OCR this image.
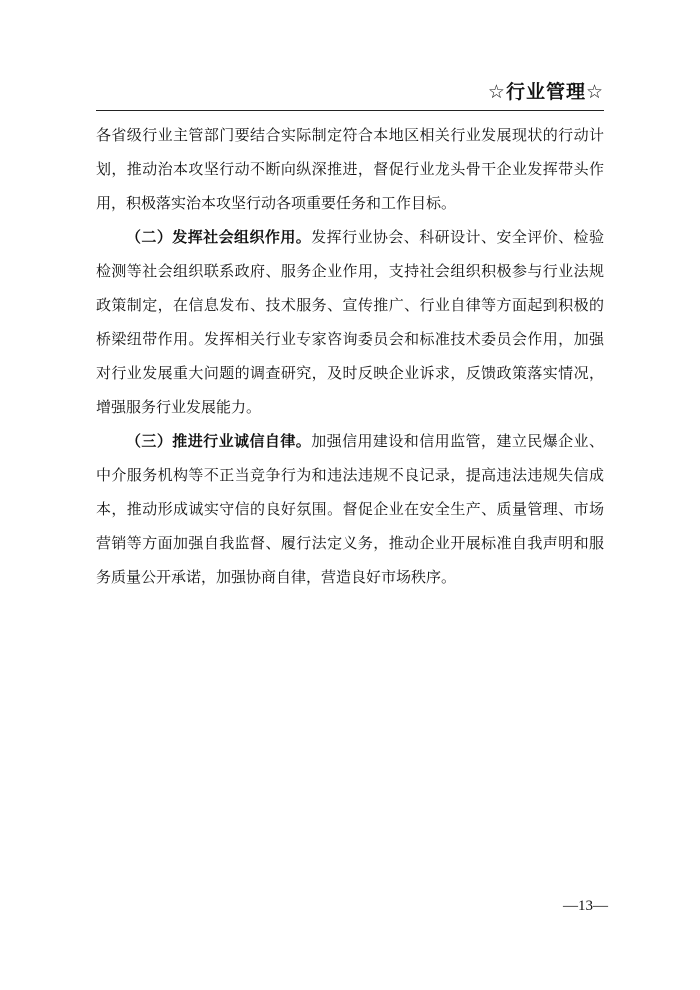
☆行业管理☆

各省级行业主管部门要结合实际制定符合本地区相关行业发展现状的行动计划，推动治本攻坚行动不断向纵深推进，督促行业龙头骨干企业发挥带头作用，积极落实治本攻坚行动各项重要任务和工作目标。

（二）发挥社会组织作用。发挥行业协会、科研设计、安全评价、检验检测等社会组织联系政府、服务企业作用，支持社会组织积极参与行业法规政策制定，在信息发布、技术服务、宣传推广、行业自律等方面起到积极的桥梁纽带作用。发挥相关行业专家咨询委员会和标准技术委员会作用，加强对行业发展重大问题的调查研究，及时反映企业诉求，反馈政策落实情况，增强服务行业发展能力。

（三）推进行业诚信自律。加强信用建设和信用监管，建立民爆企业、中介服务机构等不正当竞争行为和违法违规不良记录，提高违法违规失信成本，推动形成诚实守信的良好氛围。督促企业在安全生产、质量管理、市场营销等方面加强自我监督、履行法定义务，推动企业开展标准自我声明和服务质量公开承诺，加强协商自律，营造良好市场秩序。

—13—
